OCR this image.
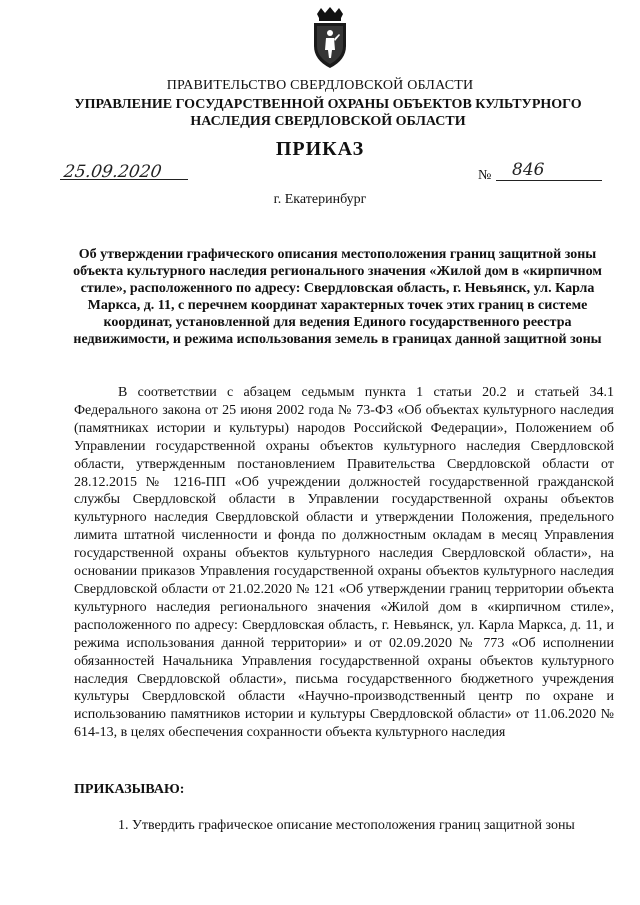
ПРАВИТЕЛЬСТВО СВЕРДЛОВСКОЙ ОБЛАСТИ
УПРАВЛЕНИЕ ГОСУДАРСТВЕННОЙ ОХРАНЫ ОБЪЕКТОВ КУЛЬТУРНОГО НАСЛЕДИЯ СВЕРДЛОВСКОЙ ОБЛАСТИ
ПРИКАЗ
25.09.2020	№ 846
г. Екатеринбург
Об утверждении графического описания местоположения границ защитной зоны объекта культурного наследия регионального значения «Жилой дом в «кирпичном стиле», расположенного по адресу: Свердловская область, г. Невьянск, ул. Карла Маркса, д. 11, с перечнем координат характерных точек этих границ в системе координат, установленной для ведения Единого государственного реестра недвижимости, и режима использования земель в границах данной защитной зоны

В соответствии с абзацем седьмым пункта 1 статьи 20.2 и статьей 34.1 Федерального закона от 25 июня 2002 года № 73-ФЗ «Об объектах культурного наследия (памятниках истории и культуры) народов Российской Федерации», Положением об Управлении государственной охраны объектов культурного наследия Свердловской области, утвержденным постановлением Правительства Свердловской области от 28.12.2015 № 1216-ПП «Об учреждении должностей государственной гражданской службы Свердловской области в Управлении государственной охраны объектов культурного наследия Свердловской области и утверждении Положения, предельного лимита штатной численности и фонда по должностным окладам в месяц Управления государственной охраны объектов культурного наследия Свердловской области», на основании приказов Управления государственной охраны объектов культурного наследия Свердловской области от 21.02.2020 № 121 «Об утверждении границ территории объекта культурного наследия регионального значения «Жилой дом в «кирпичном стиле», расположенного по адресу: Свердловская область, г. Невьянск, ул. Карла Маркса, д. 11, и режима использования данной территории» и от 02.09.2020 № 773 «Об исполнении обязанностей Начальника Управления государственной охраны объектов культурного наследия Свердловской области», письма государственного бюджетного учреждения культуры Свердловской области «Научно-производственный центр по охране и использованию памятников истории и культуры Свердловской области» от 11.06.2020 № 614-13, в целях обеспечения сохранности объекта культурного наследия

ПРИКАЗЫВАЮ:
1. Утвердить графическое описание местоположения границ защитной зоны
